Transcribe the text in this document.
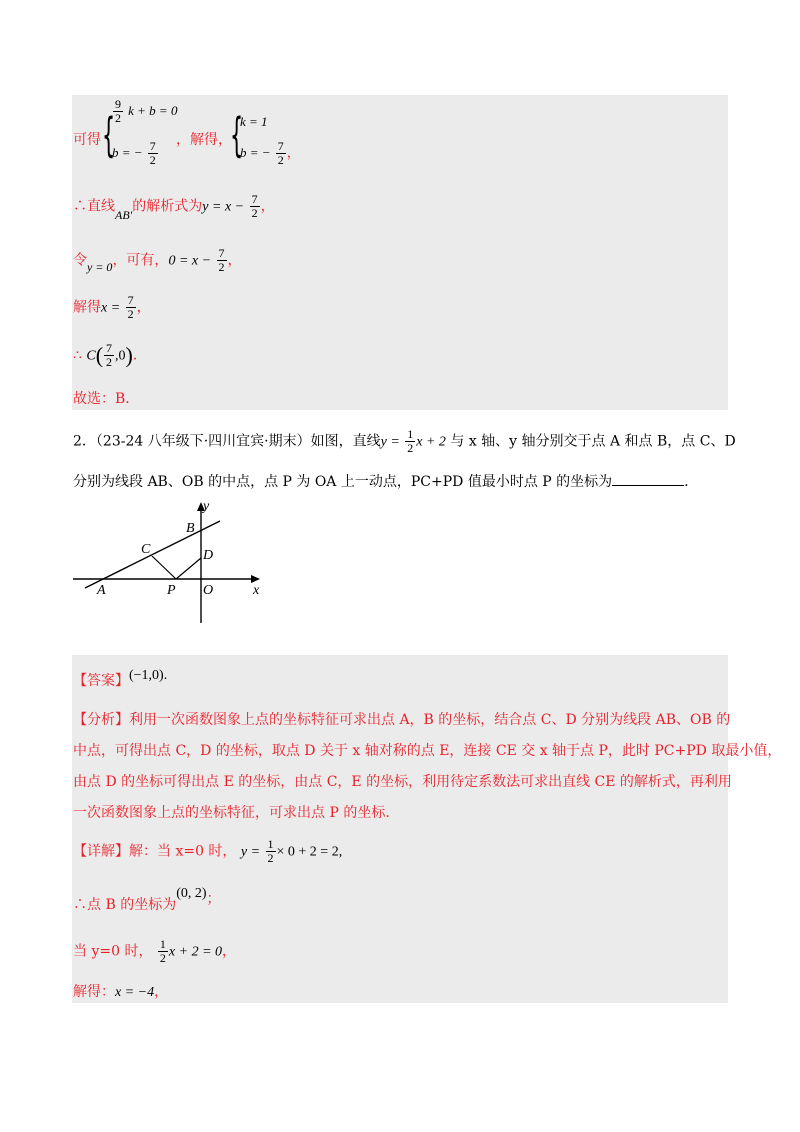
可得 {
$\frac{9}{2}$ k + b = 0
b = − $\frac{7}{2}$ ，解得，
{
k = 1
b = − $\frac{7}{2}$ ，
∴直线AB′的解析式为$y = x - \frac{7}{2}$ ，
令y = 0，可有，$0 = x - \frac{7}{2}$ ，
解得$x = \frac{7}{2}$ ，
∴ $C( \frac{7}{2} ,0)$．
故选：B．
2．（23-24 八年级下·四川宜宾·期末）如图，直线$y = \frac{1}{2}$ x + 2 与 x 轴、y 轴分别交于点 A 和点 B，点 C、D
分别为线段 AB、OB 的中点，点 P 为 OA 上一动点，PC+PD 值最小时点 P 的坐标为	.
y
x
B
C	D
A	P O
【答案】(−1,0).
【分析】利用一次函数图象上点的坐标特征可求出点 A，B 的坐标，结合点 C、D 分别为线段 AB、OB 的
中点，可得出点 C，D 的坐标，取点 D 关于 x 轴对称的点 E，连接 CE 交 x 轴于点 P，此时 PC+PD 取最小值，
由点 D 的坐标可得出点 E 的坐标，由点 C，E 的坐标，利用待定系数法可求出直线 CE 的解析式，再利用
一次函数图象上点的坐标特征，可求出点 P 的坐标.
【详解】解：当 x=0 时， $y = \frac{1}{2} \times 0 + 2 = 2$,
∴点 B 的坐标为(0, 2)；
当 y=0 时， $\frac{1}{2}$ x + 2 = 0，
解得：x = −4，
